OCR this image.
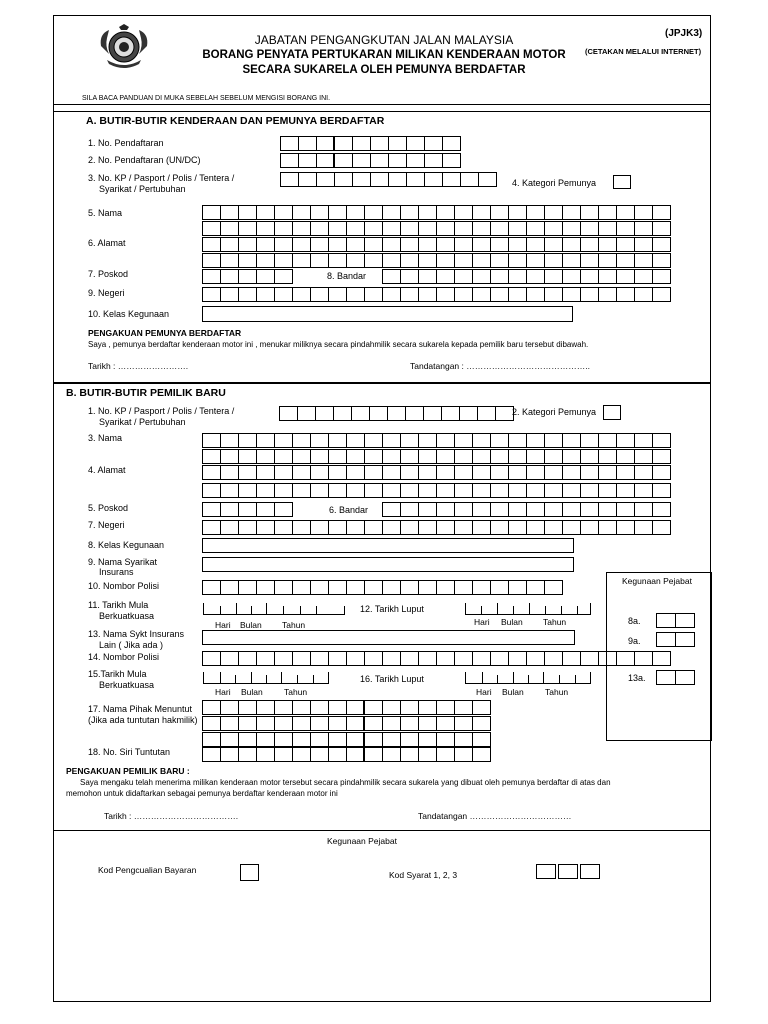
JABATAN PENGANGKUTAN JALAN MALAYSIA
BORANG PENYATA PERTUKARAN MILIKAN KENDERAAN MOTOR
SECARA SUKARELA OLEH PEMUNYA BERDAFTAR
(JPJK3)
(CETAKAN MELALUI INTERNET)
SILA BACA PANDUAN DI MUKA SEBELAH SEBELUM MENGISI BORANG INI.
A. BUTIR-BUTIR KENDERAAN DAN PEMUNYA BERDAFTAR
1. No. Pendaftaran
2. No. Pendaftaran (UN/DC)
3. No. KP / Pasport / Polis / Tentera /
Syarikat / Pertubuhan
4. Kategori Pemunya
5. Nama
6. Alamat
7. Poskod	8. Bandar
9. Negeri
10. Kelas Kegunaan
PENGAKUAN PEMUNYA BERDAFTAR
Saya , pemunya berdaftar kenderaan motor ini , menukar miliknya secara pindahmilik secara sukarela kepada pemilik baru tersebut dibawah.
Tarikh : …………………….	Tandatangan : ……………………………………..
B. BUTIR-BUTIR PEMILIK BARU
1. No. KP / Pasport / Polis / Tentera /
Syarikat / Pertubuhan
2. Kategori Pemunya
3. Nama
4. Alamat
5. Poskod	6. Bandar
7. Negeri
8. Kelas Kegunaan
9. Nama Syarikat
Insurans
10. Nombor Polisi
11. Tarikh Mula
Berkuatkuasa
Hari Bulan Tahun
12. Tarikh Luput
Hari Bulan Tahun
13. Nama Sykt Insurans
Lain ( Jika ada )
14. Nombor Polisi
15.Tarikh Mula
Berkuatkuasa
Hari Bulan	Tahun
16. Tarikh Luput
Hari Bulan	Tahun
17. Nama Pihak Menuntut
(Jika ada tuntutan hakmilik)
18. No. Siri Tuntutan
Kegunaan Pejabat
8a.
9a.
13a.
PENGAKUAN PEMILIK BARU :
Saya mengaku telah menerima milikan kenderaan motor tersebut secara pindahmilik secara sukarela yang dibuat oleh pemunya berdaftar di atas dan
memohon untuk didaftarkan sebagai pemunya berdaftar kenderaan motor ini
Tarikh : ……………………………….	Tandatangan ………………………………
Kegunaan Pejabat
Kod Pengcualian Bayaran	Kod Syarat 1, 2, 3
